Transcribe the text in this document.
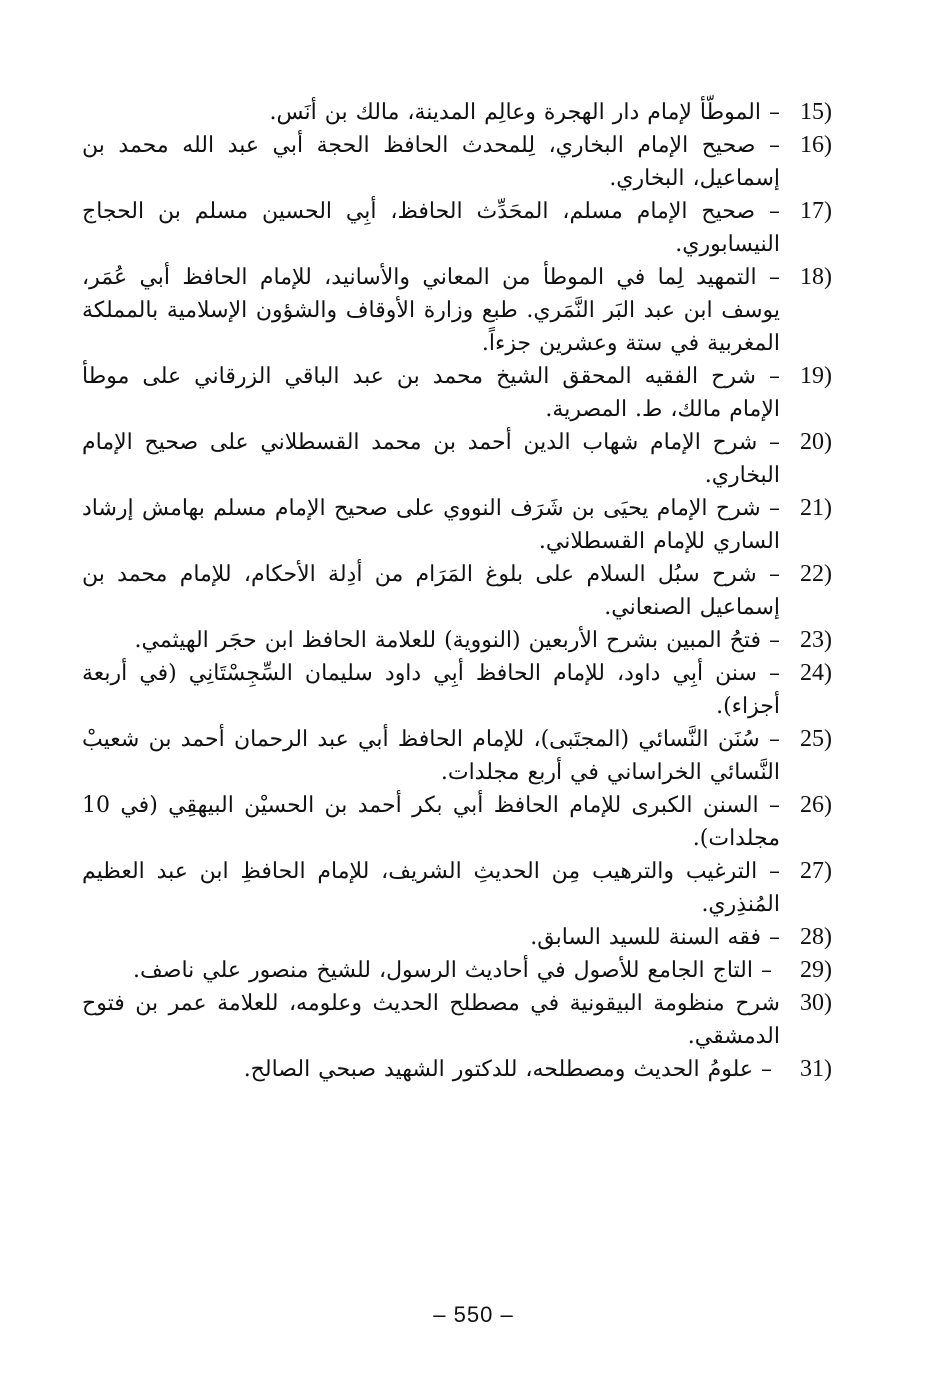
15)
– الموطّأ لإمام دار الهجرة وعالِم المدينة، مالك بن أنَس.
16)
– صحيح الإمام البخاري، لِلمحدث الحافظ الحجة أبي عبد الله محمد بن إسماعيل، البخاري.
17)
– صحيح الإمام مسلم، المحَدِّث الحافظ، أبِي الحسين مسلم بن الحجاج النيسابوري.
18)
– التمهيد لِما في الموطأ من المعاني والأسانيد، للإمام الحافظ أبي عُمَر، يوسف ابن عبد البَر النَّمَري. طبع وزارة الأوقاف والشؤون الإسلامية بالمملكة المغربية في ستة وعشرين جزءاً.
19)
– شرح الفقيه المحقق الشيخ محمد بن عبد الباقي الزرقاني على موطأ الإمام مالك، ط. المصرية.
20)
– شرح الإمام شهاب الدين أحمد بن محمد القسطلاني على صحيح الإمام البخاري.
21)
– شرح الإمام يحيَى بن شَرَف النووي على صحيح الإمام مسلم بهامش إرشاد الساري للإمام القسطلاني.
22)
– شرح سبُل السلام على بلوغ المَرَام من أدِلة الأحكام، للإمام محمد بن إسماعيل الصنعاني.
23)
– فتحُ المبين بشرح الأربعين (النووية) للعلامة الحافظ ابن حجَر الهيثمي.
24)
– سنن أبِي داود، للإمام الحافظ أبِي داود سليمان السِّجِسْتَانِي (في أربعة أجزاء).
25)
– سُنَن النَّسائي (المجتَبى)، للإمام الحافظ أبي عبد الرحمان أحمد بن شعيبْ النَّسائي الخراساني في أربع مجلدات.
26)
– السنن الكبرى للإمام الحافظ أبي بكر أحمد بن الحسيْن البيهقِي (في 10 مجلدات).
27)
– الترغيب والترهيب مِن الحديثِ الشريف، للإمام الحافظِ ابن عبد العظيم المُنذِري.
28)
– فقه السنة للسيد السابق.
29)
– التاج الجامع للأصول في أحاديث الرسول، للشيخ منصور علي ناصف.
30)
شرح منظومة البيقونية في مصطلح الحديث وعلومه، للعلامة عمر بن فتوح الدمشقي.
31)
– علومُ الحديث ومصطلحه، للدكتور الشهيد صبحي الصالح.
– 550 –
